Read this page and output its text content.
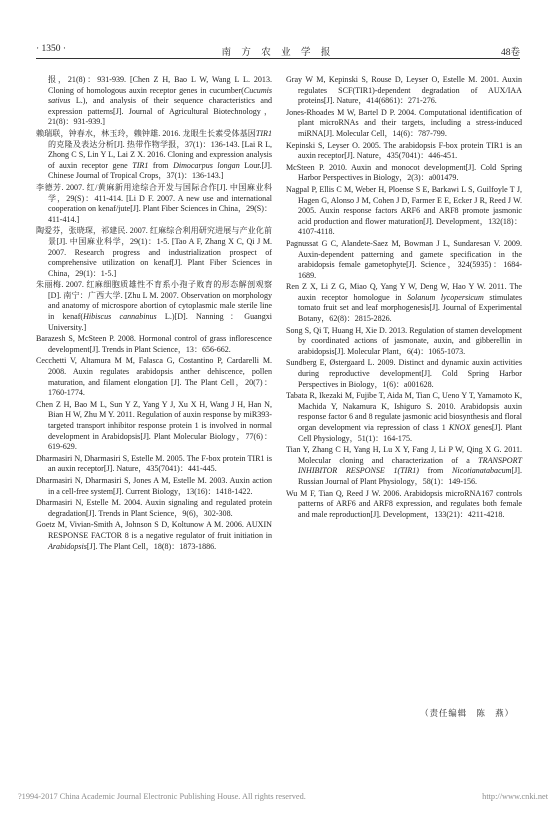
· 1350 ·	南 方 农 业 学 报	48卷

报，21(8)：931-939. [Chen Z H, Bao L W, Wang L L. 2013. Cloning of homologous auxin receptor genes in cucumber(Cucumis sativus L.), and analysis of their sequence characteristics and expression patterns[J]. Journal of Agricultural Biotechnology，21(8)：931-939.]

赖瑞联，钟春水，林玉玲，赖钟雄. 2016. 龙眼生长素受体基因TIR1的克隆及表达分析[J]. 热带作物学报，37(1)：136-143. [Lai R L, Zhong C S, Lin Y L, Lai Z X. 2016. Cloning and expression analysis of auxin receptor gene TIR1 from Dimocarpus longan Lour.[J]. Chinese Journal of Tropical Crops，37(1)：136-143.]

李德芳. 2007. 红/黄麻新用途综合开发与国际合作[J]. 中国麻业科学，29(S)：411-414. [Li D F. 2007. A new use and international cooperation on kenaf/jute[J]. Plant Fiber Sciences in China，29(S)：411-414.]

陶爱芬，张晓琛，祁建民. 2007. 红麻综合利用研究进展与产业化前景[J]. 中国麻业科学，29(1)：1-5. [Tao A F, Zhang X C, Qi J M. 2007. Research progress and industrialization prospect of comprehensive utilization on kenaf[J]. Plant Fiber Sciences in China，29(1)：1-5.]

朱丽梅. 2007. 红麻细胞质雄性不育系小孢子败育的形态解剖观察[D]. 南宁：广西大学. [Zhu L M. 2007. Observation on morphology and anatomy of microspore abortion of cytoplasmic male sterile line in kenaf(Hibiscus cannabinus L.)[D]. Nanning：Guangxi University.]

Barazesh S, McSteen P. 2008. Hormonal control of grass inflorescence development[J]. Trends in Plant Science，13：656-662.

Cecchetti V, Altamura M M, Falasca G, Costantino P, Cardarelli M. 2008. Auxin regulates arabidopsis anther dehiscence, pollen maturation, and filament elongation [J]. The Plant Cell，20(7)：1760-1774.

Chen Z H, Bao M L, Sun Y Z, Yang Y J, Xu X H, Wang J H, Han N, Bian H W, Zhu M Y. 2011. Regulation of auxin response by miR393-targeted transport inhibitor response protein 1 is involved in normal development in Arabidopsis[J]. Plant Molecular Biology，77(6)：619-629.

Dharmasiri N, Dharmasiri S, Estelle M. 2005. The F-box protein TIR1 is an auxin receptor[J]. Nature，435(7041)：441-445.

Dharmasiri N, Dharmasiri S, Jones A M, Estelle M. 2003. Auxin action in a cell-free system[J]. Current Biology，13(16)：1418-1422.

Dharmasiri N, Estelle M. 2004. Auxin signaling and regulated protein degradation[J]. Trends in Plant Science，9(6)，302-308.

Goetz M, Vivian-Smith A, Johnson S D, Koltunow A M. 2006. AUXIN RESPONSE FACTOR 8 is a negative regulator of fruit initiation in Arabidopsis[J]. The Plant Cell，18(8)：1873-1886.

Gray W M, Kepinski S, Rouse D, Leyser O, Estelle M. 2001. Auxin regulates SCF(TIR1)-dependent degradation of AUX/IAA proteins[J]. Nature，414(6861)：271-276.

Jones-Rhoades M W, Bartel D P. 2004. Computational identification of plant microRNAs and their targets, including a stress-induced miRNA[J]. Molecular Cell，14(6)：787-799.

Kepinski S, Leyser O. 2005. The arabidopsis F-box protein TIR1 is an auxin receptor[J]. Nature，435(7041)：446-451.

McSteen P. 2010. Auxin and monocot development[J]. Cold Spring Harbor Perspectives in Biology，2(3)：a001479.

Nagpal P, Ellis C M, Weber H, Ploense S E, Barkawi L S, Guilfoyle T J, Hagen G, Alonso J M, Cohen J D, Farmer E E, Ecker J R, Reed J W. 2005. Auxin response factors ARF6 and ARF8 promote jasmonic acid production and flower maturation[J]. Development，132(18)：4107-4118.

Pagnussat G C, Alandete-Saez M, Bowman J L, Sundaresan V. 2009. Auxin-dependent patterning and gamete specification in the arabidopsis female gametophyte[J]. Science，324(5935)：1684-1689.

Ren Z X, Li Z G, Miao Q, Yang Y W, Deng W, Hao Y W. 2011. The auxin receptor homologue in Solanum lycopersicum stimulates tomato fruit set and leaf morphogenesis[J]. Journal of Experimental Botany，62(8)：2815-2826.

Song S, Qi T, Huang H, Xie D. 2013. Regulation of stamen development by coordinated actions of jasmonate, auxin, and gibberellin in arabidopsis[J]. Molecular Plant，6(4)：1065-1073.

Sundberg E, Østergaard L. 2009. Distinct and dynamic auxin activities during reproductive development[J]. Cold Spring Harbor Perspectives in Biology，1(6)：a001628.

Tabata R, Ikezaki M, Fujibe T, Aida M, Tian C, Ueno Y T, Yamamoto K, Machida Y, Nakamura K, Ishiguro S. 2010. Arabidopsis auxin response factor 6 and 8 regulate jasmonic acid biosynthesis and floral organ development via repression of class 1 KNOX genes[J]. Plant Cell Physiology，51(1)：164-175.

Tian Y, Zhang C H, Yang H, Lu X Y, Fang J, Li P W, Qing X G. 2011. Molecular cloning and characterization of a TRANSPORT INHIBITOR RESPONSE 1(TIR1) from Nicotianatabacum[J]. Russian Journal of Plant Physiology，58(1)：149-156.

Wu M F, Tian Q, Reed J W. 2006. Arabidopsis microRNA167 controls patterns of ARF6 and ARF8 expression, and regulates both female and male reproduction[J]. Development，133(21)：4211-4218.

（责任编辑　陈　燕）
?1994-2017 China Academic Journal Electronic Publishing House. All rights reserved.	http://www.cnki.net
